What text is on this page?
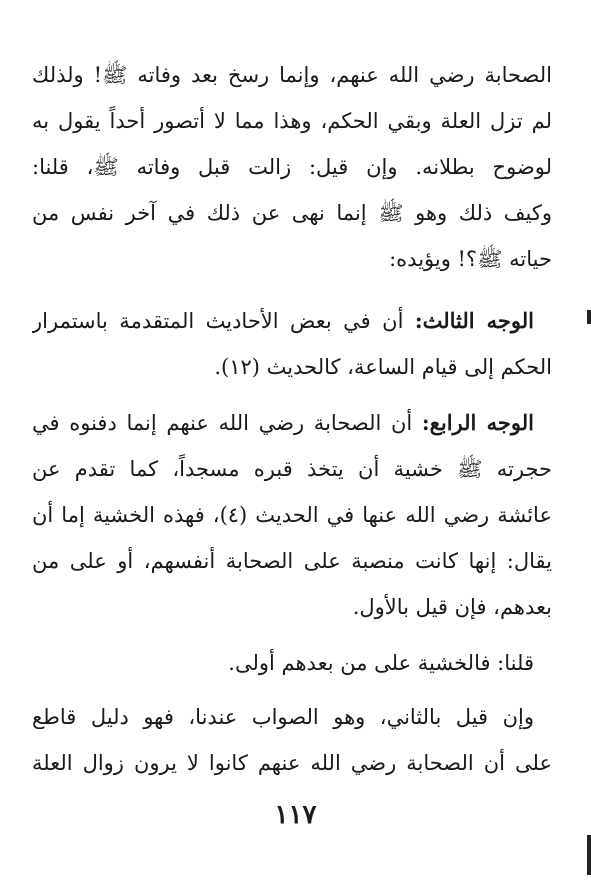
الصحابة رضي الله عنهم، وإنما رسخ بعد وفاته ﷺ! ولذلك
لم تزل العلة وبقي الحكم، وهذا مما لا أتصور أحداً يقول به
لوضوح بطلانه. وإن قيل: زالت قبل وفاته ﷺ، قلنا:
وكيف ذلك وهو ﷺ إنما نهى عن ذلك في آخر نفس من
حياته ﷺ؟! ويؤيده:
الوجه الثالث: أن في بعض الأحاديث المتقدمة باستمرار
الحكم إلى قيام الساعة، كالحديث (١٢).
الوجه الرابع: أن الصحابة رضي الله عنهم إنما دفنوه في
حجرته ﷺ خشية أن يتخذ قبره مسجداً، كما تقدم عن
عائشة رضي الله عنها في الحديث (٤)، فهذه الخشية إما أن
يقال: إنها كانت منصبة على الصحابة أنفسهم، أو على من
بعدهم، فإن قيل بالأول.
قلنا: فالخشية على من بعدهم أولى.
وإن قيل بالثاني، وهو الصواب عندنا، فهو دليل قاطع
على أن الصحابة رضي الله عنهم كانوا لا يرون زوال العلة
١١٧
